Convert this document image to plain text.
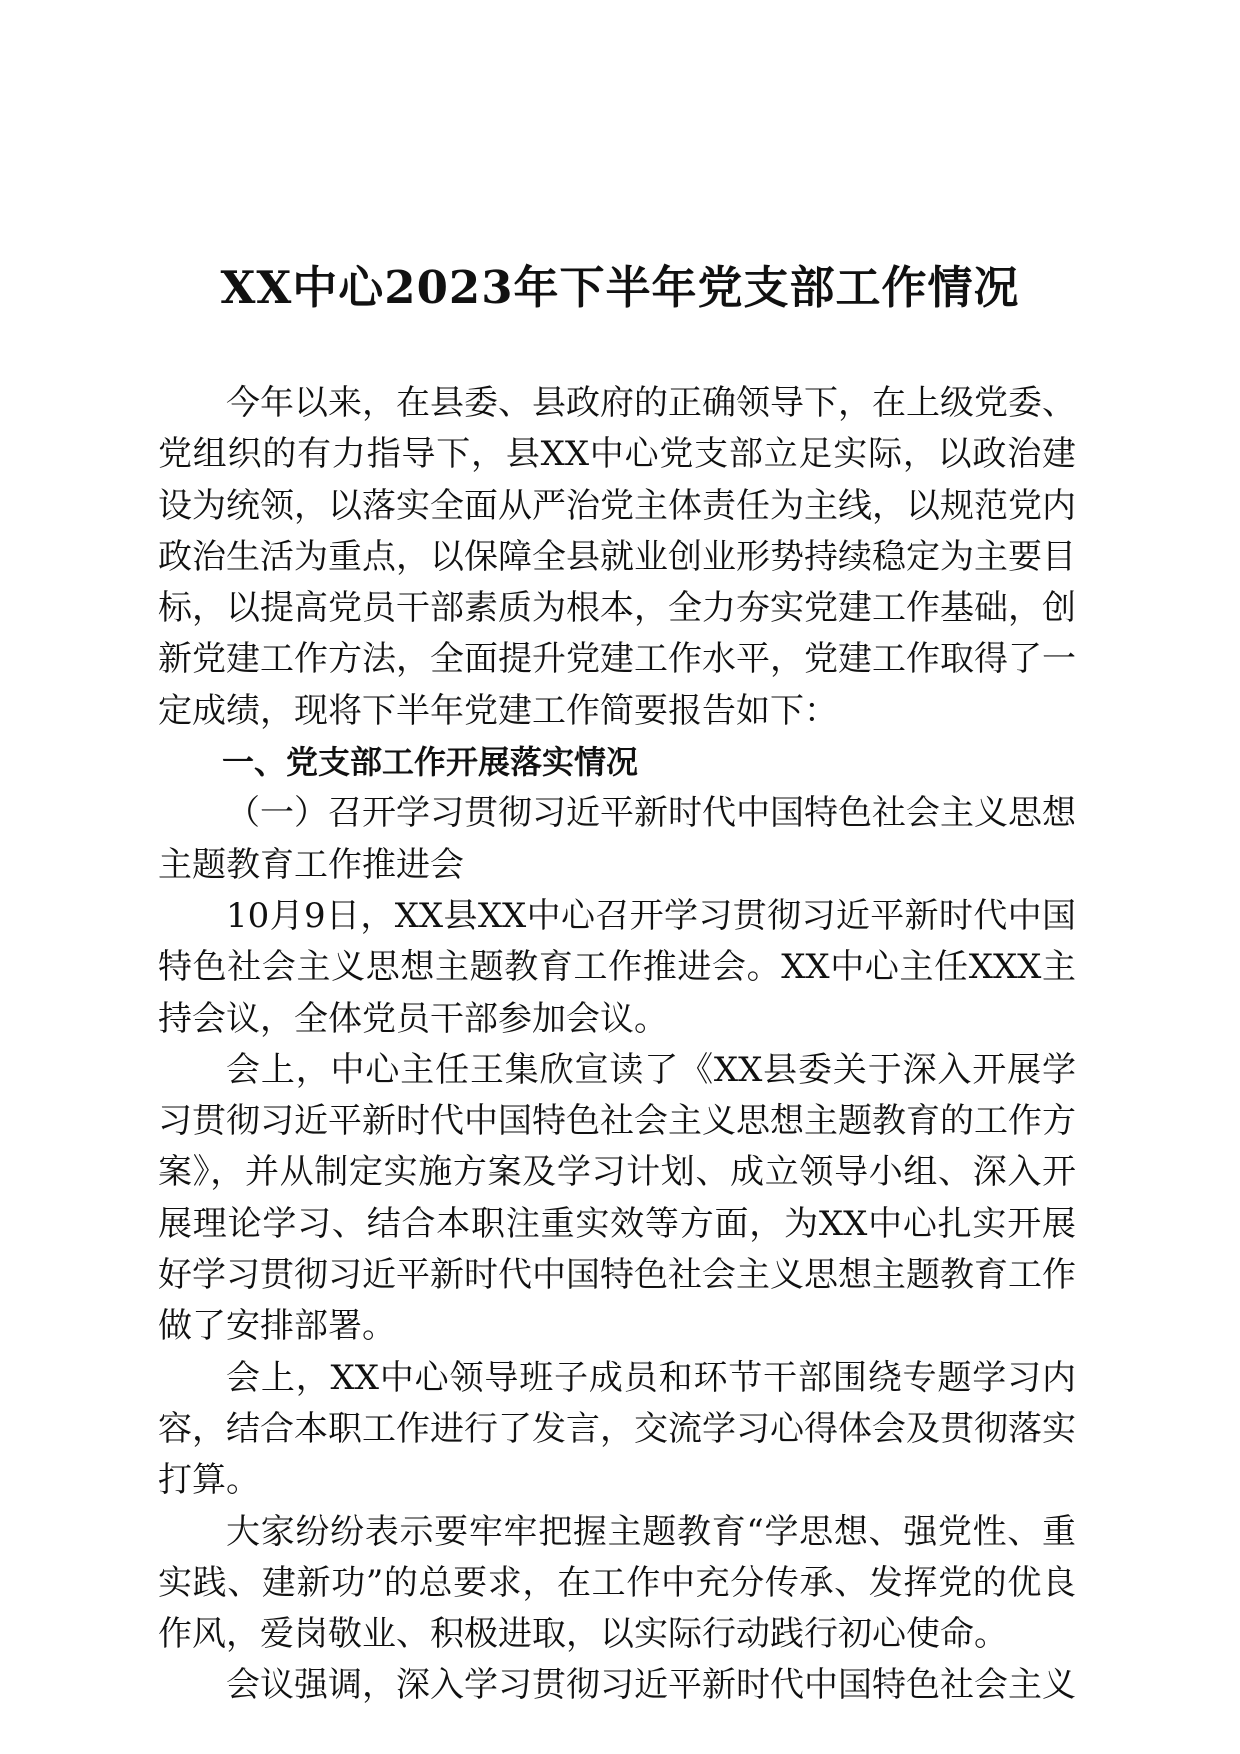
XX中心2023年下半年党支部工作情况

今年以来，在县委、县政府的正确领导下，在上级党委、党组织的有力指导下，县XX中心党支部立足实际，以政治建设为统领，以落实全面从严治党主体责任为主线，以规范党内政治生活为重点，以保障全县就业创业形势持续稳定为主要目标，以提高党员干部素质为根本，全力夯实党建工作基础，创新党建工作方法，全面提升党建工作水平，党建工作取得了一定成绩，现将下半年党建工作简要报告如下：

一、党支部工作开展落实情况

（一）召开学习贯彻习近平新时代中国特色社会主义思想主题教育工作推进会

10月9日，XX县XX中心召开学习贯彻习近平新时代中国特色社会主义思想主题教育工作推进会。XX中心主任XXX主持会议，全体党员干部参加会议。

会上，中心主任王集欣宣读了《XX县委关于深入开展学习贯彻习近平新时代中国特色社会主义思想主题教育的工作方案》，并从制定实施方案及学习计划、成立领导小组、深入开展理论学习、结合本职注重实效等方面，为XX中心扎实开展好学习贯彻习近平新时代中国特色社会主义思想主题教育工作做了安排部署。

会上，XX中心领导班子成员和环节干部围绕专题学习内容，结合本职工作进行了发言，交流学习心得体会及贯彻落实打算。

大家纷纷表示要牢牢把握主题教育“学思想、强党性、重实践、建新功”的总要求，在工作中充分传承、发挥党的优良作风，爱岗敬业、积极进取，以实际行动践行初心使命。

会议强调，深入学习贯彻习近平新时代中国特色社会主义
